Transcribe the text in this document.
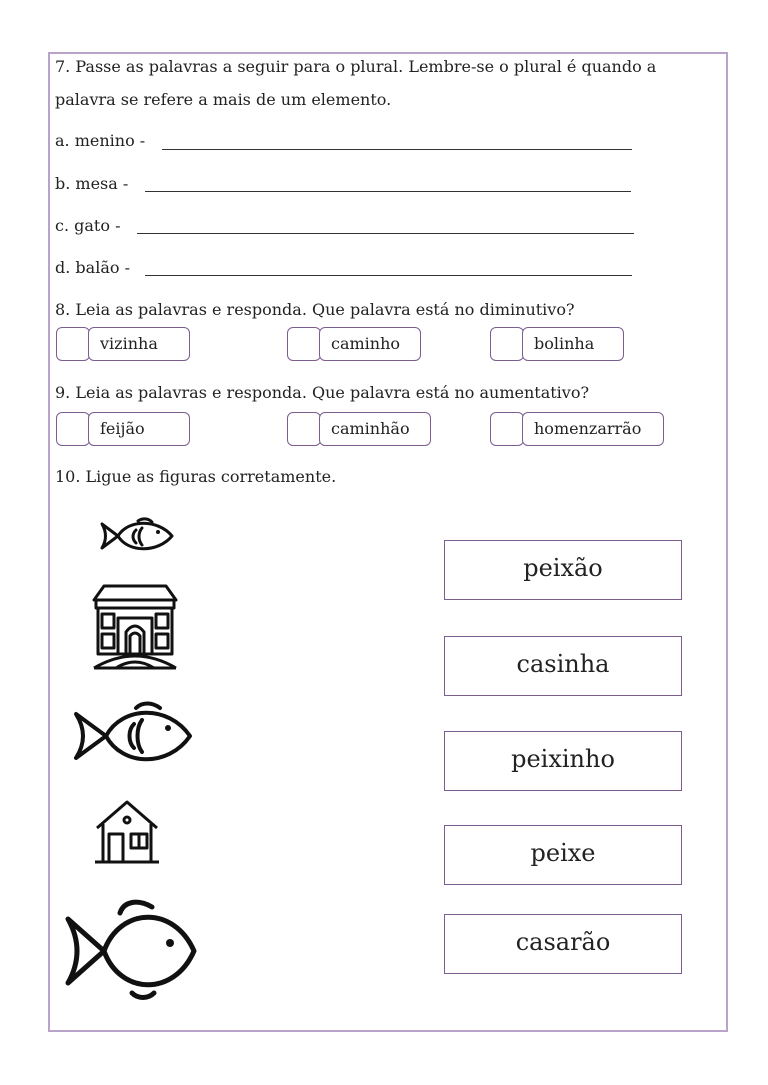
7. Passe as palavras a seguir para o plural. Lembre-se o plural é quando a
palavra se refere a mais de um elemento.
a. menino -
b. mesa -
c. gato -
d. balão -
8. Leia as palavras e responda. Que palavra está no diminutivo?
vizinha	caminho	bolinha
9. Leia as palavras e responda. Que palavra está no aumentativo?
feijão	caminhão	homenzarrão
10. Ligue as figuras corretamente.
peixão
casinha
peixinho
peixe
casarão
